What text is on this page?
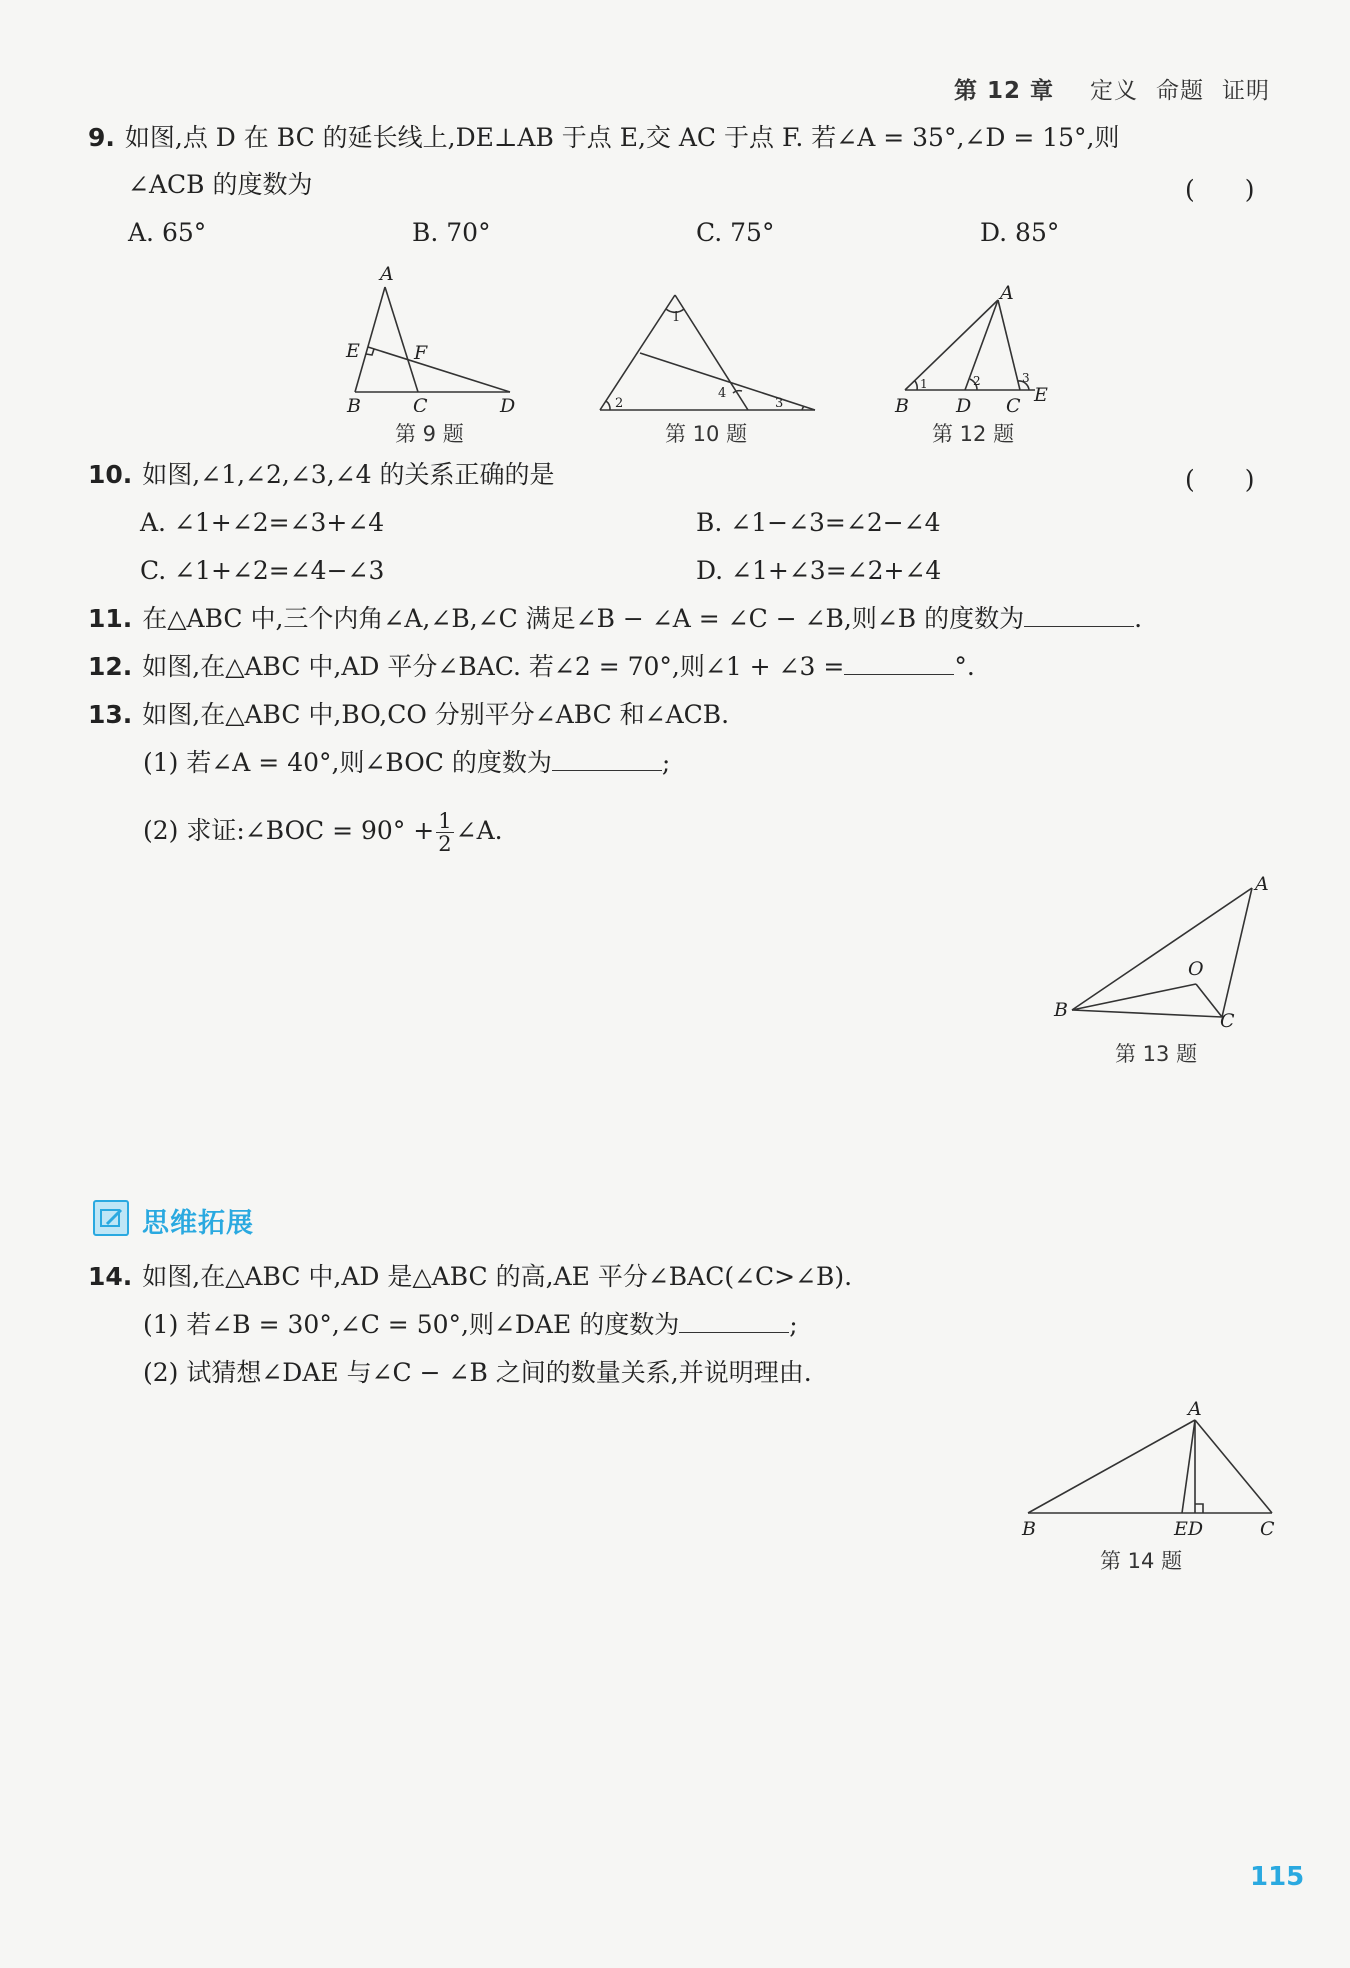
第 12 章 定义 命题 证明
9. 如图,点 D 在 BC 的延长线上,DE⊥AB 于点 E,交 AC 于点 F. 若∠A = 35°,∠D = 15°,则
∠ACB 的度数为	(　　)
A. 65°	B. 70°	C. 75°	D. 85°
A
E	F
B	C	D
第 9 题
1
2	3
4
第 10 题
1	2	3
A
B D C E
第 12 题
10. 如图,∠1,∠2,∠3,∠4 的关系正确的是	(　　)
A. ∠1+∠2=∠3+∠4	B. ∠1−∠3=∠2−∠4
C. ∠1+∠2=∠4−∠3	D. ∠1+∠3=∠2+∠4
11. 在△ABC 中,三个内角∠A,∠B,∠C 满足∠B − ∠A = ∠C − ∠B,则∠B 的度数为	.
12. 如图,在△ABC 中,AD 平分∠BAC. 若∠2 = 70°,则∠1 + ∠3 =	°.
13. 如图,在△ABC 中,BO,CO 分别平分∠ABC 和∠ACB.
(1) 若∠A = 40°,则∠BOC 的度数为	;
(2) 求证:∠BOC = $90^\circ + \frac{1}{2}$ ∠A.
A
O
B	C
第 13 题
思维拓展
14. 如图,在△ABC 中,AD 是△ABC 的高,AE 平分∠BAC(∠C>∠B).
(1) 若∠B = 30°,∠C = 50°,则∠DAE 的度数为	;
(2) 试猜想∠DAE 与∠C − ∠B 之间的数量关系,并说明理由.
A
B	ED	C
第 14 题
115
